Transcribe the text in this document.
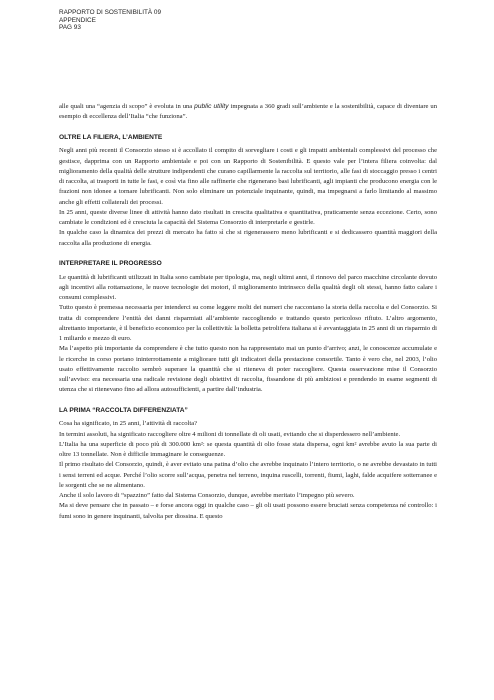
RAPPORTO DI SOSTENIBILITÀ 09
APPENDICE
PAG 93

alle quali una “agenzia di scopo” è evoluta in una public utility impegnata a 360 gradi sull’ambiente e la sostenibilità, capace di diventare un esempio di eccellenza dell’Italia “che funziona”.

OLTRE LA FILIERA, L’AMBIENTE

Negli anni più recenti il Consorzio stesso si è accollato il compito di sorvegliare i costi e gli impatti ambientali complessivi del processo che gestisce, dapprima con un Rapporto ambientale e poi con un Rapporto di Sostenibilità. E questo vale per l’intera filiera coinvolta: dal miglioramento della qualità delle strutture indipendenti che curano capillarmente la raccolta sul territorio, alle fasi di stoccaggio presso i centri di raccolta, ai trasporti in tutte le fasi, e così via fino alle raffinerie che rigenerano basi lubrificanti, agli impianti che producono energia con le frazioni non idonee a tornare lubrificanti. Non solo eliminare un potenziale inquinante, quindi, ma impegnarsi a farlo limitando al massimo anche gli effetti collaterali dei processi.

In 25 anni, queste diverse linee di attività hanno dato risultati in crescita qualitativa e quantitativa, praticamente senza eccezione. Certo, sono cambiate le condizioni ed è cresciuta la capacità del Sistema Consorzio di interpretarle e gestirle.

In qualche caso la dinamica dei prezzi di mercato ha fatto sì che si rigenerassero meno lubrificanti e si dedicassero quantità maggiori della raccolta alla produzione di energia.

INTERPRETARE IL PROGRESSO

Le quantità di lubrificanti utilizzati in Italia sono cambiate per tipologia, ma, negli ultimi anni, il rinnovo del parco macchine circolante dovuto agli incentivi alla rottamazione, le nuove tecnologie dei motori, il miglioramento intrinseco della qualità degli oli stessi, hanno fatto calare i consumi complessivi.

Tutto questo è premessa necessaria per intenderci su come leggere molti dei numeri che raccontano la storia della raccolta e del Consorzio. Si tratta di comprendere l’entità dei danni risparmiati all’ambiente raccogliendo e trattando questo pericoloso rifiuto. L’altro argomento, altrettanto importante, è il beneficio economico per la collettività: la bolletta petrolifera italiana si è avvantaggiata in 25 anni di un risparmio di 1 miliardo e mezzo di euro.

Ma l’aspetto più importante da comprendere è che tutto questo non ha rappresentato mai un punto d’arrivo; anzi, le conoscenze accumulate e le ricerche in corso portano ininterrottamente a migliorare tutti gli indicatori della prestazione consortile. Tanto è vero che, nel 2003, l’olio usato effettivamente raccolto sembrò superare la quantità che si riteneva di poter raccogliere. Questa osservazione mise il Consorzio sull’avviso: era necessaria una radicale revisione degli obiettivi di raccolta, fissandone di più ambiziosi e prendendo in esame segmenti di utenza che si ritenevano fino ad allora autosufficienti, a partire dall’industria.

LA PRIMA “RACCOLTA DIFFERENZIATA”

Cosa ha significato, in 25 anni, l’attività di raccolta?

In termini assoluti, ha significato raccogliere oltre 4 milioni di tonnellate di oli usati, evitando che si disperdessero nell’ambiente.

L’Italia ha una superficie di poco più di 300.000 km²: se questa quantità di olio fosse stata dispersa, ogni km² avrebbe avuto la sua parte di oltre 13 tonnellate. Non è difficile immaginare le conseguenze.

Il primo risultato del Consorzio, quindi, è aver evitato una patina d’olio che avrebbe inquinato l’intero territorio, o ne avrebbe devastato in tutti i sensi terreni ed acque. Perché l’olio scorre sull’acqua, penetra nel terreno, inquina ruscelli, torrenti, fiumi, laghi, falde acquifere sotterranee e le sorgenti che se ne alimentano.

Anche il solo lavoro di “spazzino” fatto dal Sistema Consorzio, dunque, avrebbe meritato l’impegno più severo.

Ma si deve pensare che in passato – e forse ancora oggi in qualche caso – gli oli usati possono essere bruciati senza competenza né controllo: i fumi sono in genere inquinanti, talvolta per diossina. E questo
